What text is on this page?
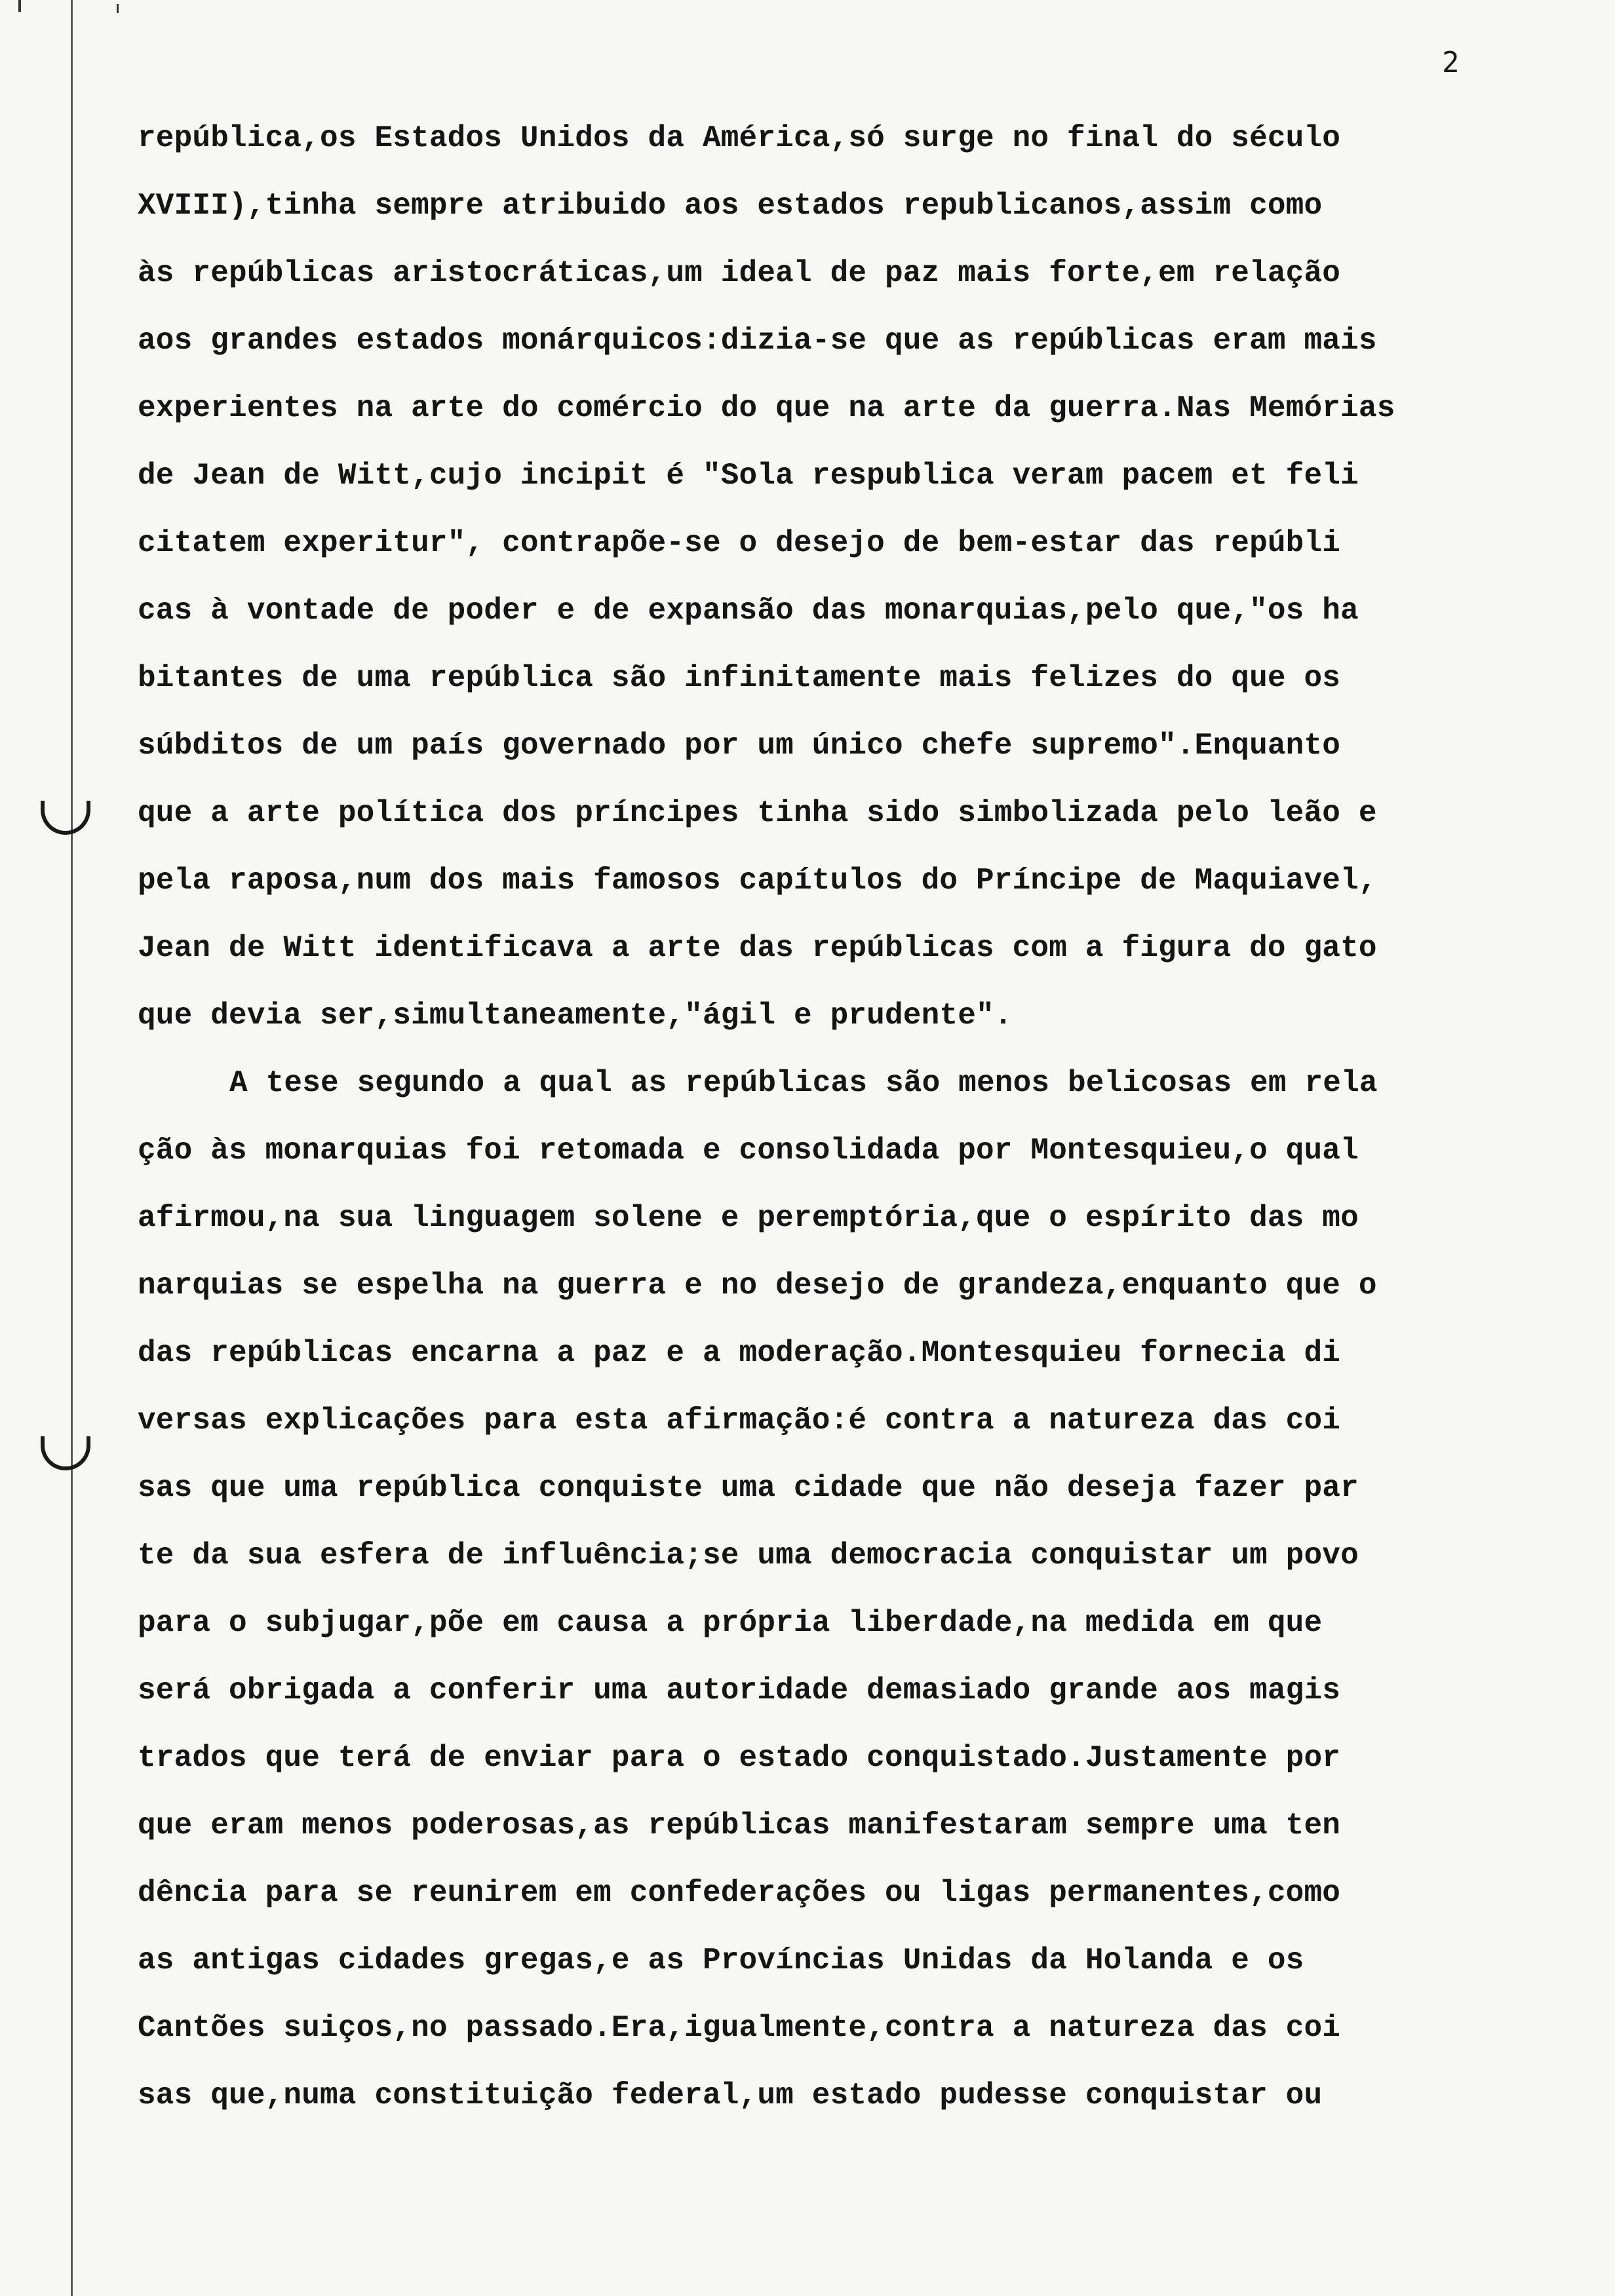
2
república,os Estados Unidos da América,só surge no final do século
XVIII),tinha sempre atribuido aos estados republicanos,assim como
às repúblicas aristocráticas,um ideal de paz mais forte,em relação
aos grandes estados monárquicos:dizia-se que as repúblicas eram mais
experientes na arte do comércio do que na arte da guerra.Nas Memórias
de Jean de Witt,cujo incipit é "Sola respublica veram pacem et feli
citatem experitur", contrapõe-se o desejo de bem-estar das repúbli
cas à vontade de poder e de expansão das monarquias,pelo que,"os ha
bitantes de uma república são infinitamente mais felizes do que os
súbditos de um país governado por um único chefe supremo".Enquanto
que a arte política dos príncipes tinha sido simbolizada pelo leão e
pela raposa,num dos mais famosos capítulos do Príncipe de Maquiavel,
Jean de Witt identificava a arte das repúblicas com a figura do gato
que devia ser,simultaneamente,"ágil e prudente".
A tese segundo a qual as repúblicas são menos belicosas em rela
ção às monarquias foi retomada e consolidada por Montesquieu,o qual
afirmou,na sua linguagem solene e peremptória,que o espírito das mo
narquias se espelha na guerra e no desejo de grandeza,enquanto que o
das repúblicas encarna a paz e a moderação.Montesquieu fornecia di
versas explicações para esta afirmação:é contra a natureza das coi
sas que uma república conquiste uma cidade que não deseja fazer par
te da sua esfera de influência;se uma democracia conquistar um povo
para o subjugar,põe em causa a própria liberdade,na medida em que
será obrigada a conferir uma autoridade demasiado grande aos magis
trados que terá de enviar para o estado conquistado.Justamente por
que eram menos poderosas,as repúblicas manifestaram sempre uma ten
dência para se reunirem em confederações ou ligas permanentes,como
as antigas cidades gregas,e as Províncias Unidas da Holanda e os
Cantões suiços,no passado.Era,igualmente,contra a natureza das coi
sas que,numa constituição federal,um estado pudesse conquistar ou
